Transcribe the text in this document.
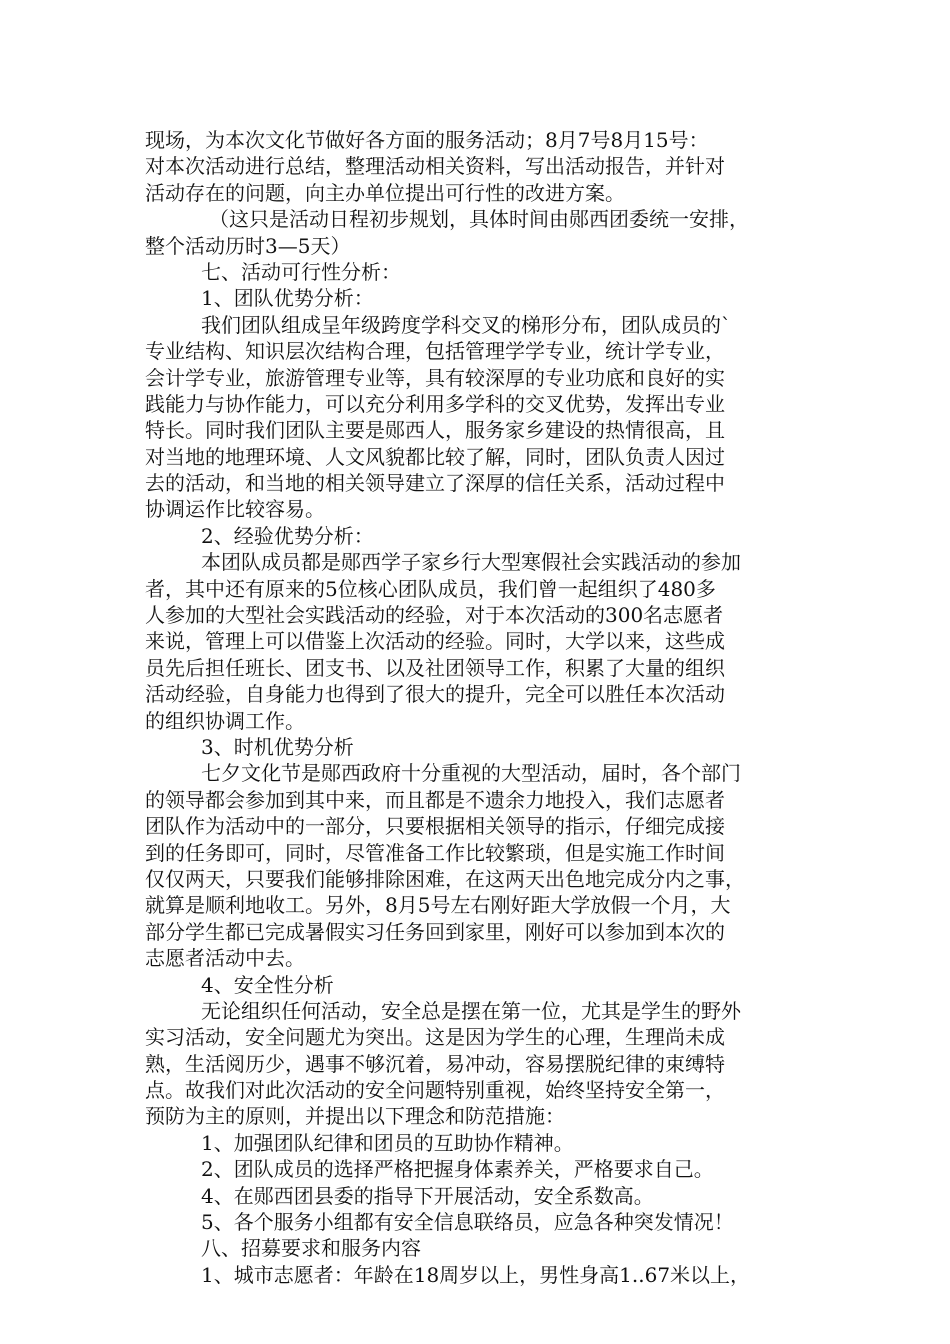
现场，为本次文化节做好各方面的服务活动；8月7号8月15号：
对本次活动进行总结，整理活动相关资料，写出活动报告，并针对
活动存在的问题，向主办单位提出可行性的改进方案。
（这只是活动日程初步规划，具体时间由郧西团委统一安排，
整个活动历时3—5天）
七、活动可行性分析：
1、团队优势分析：
我们团队组成呈年级跨度学科交叉的梯形分布，团队成员的`
专业结构、知识层次结构合理，包括管理学学专业，统计学专业，
会计学专业，旅游管理专业等，具有较深厚的专业功底和良好的实
践能力与协作能力，可以充分利用多学科的交叉优势，发挥出专业
特长。同时我们团队主要是郧西人，服务家乡建设的热情很高，且
对当地的地理环境、人文风貌都比较了解，同时，团队负责人因过
去的活动，和当地的相关领导建立了深厚的信任关系，活动过程中
协调运作比较容易。
2、经验优势分析：
本团队成员都是郧西学子家乡行大型寒假社会实践活动的参加
者，其中还有原来的5位核心团队成员，我们曾一起组织了480多
人参加的大型社会实践活动的经验，对于本次活动的300名志愿者
来说，管理上可以借鉴上次活动的经验。同时，大学以来，这些成
员先后担任班长、团支书、以及社团领导工作，积累了大量的组织
活动经验，自身能力也得到了很大的提升，完全可以胜任本次活动
的组织协调工作。
3、时机优势分析
七夕文化节是郧西政府十分重视的大型活动，届时，各个部门
的领导都会参加到其中来，而且都是不遗余力地投入，我们志愿者
团队作为活动中的一部分，只要根据相关领导的指示，仔细完成接
到的任务即可，同时，尽管准备工作比较繁琐，但是实施工作时间
仅仅两天，只要我们能够排除困难，在这两天出色地完成分内之事，
就算是顺利地收工。另外，8月5号左右刚好距大学放假一个月，大
部分学生都已完成暑假实习任务回到家里，刚好可以参加到本次的
志愿者活动中去。
4、安全性分析
无论组织任何活动，安全总是摆在第一位，尤其是学生的野外
实习活动，安全问题尤为突出。这是因为学生的心理，生理尚未成
熟，生活阅历少，遇事不够沉着，易冲动，容易摆脱纪律的束缚特
点。故我们对此次活动的安全问题特别重视，始终坚持安全第一，
预防为主的原则，并提出以下理念和防范措施：
1、加强团队纪律和团员的互助协作精神。
2、团队成员的选择严格把握身体素养关，严格要求自己。
4、在郧西团县委的指导下开展活动，安全系数高。
5、各个服务小组都有安全信息联络员，应急各种突发情况！
八、招募要求和服务内容
1、城市志愿者：年龄在18周岁以上，男性身高1..67米以上，
